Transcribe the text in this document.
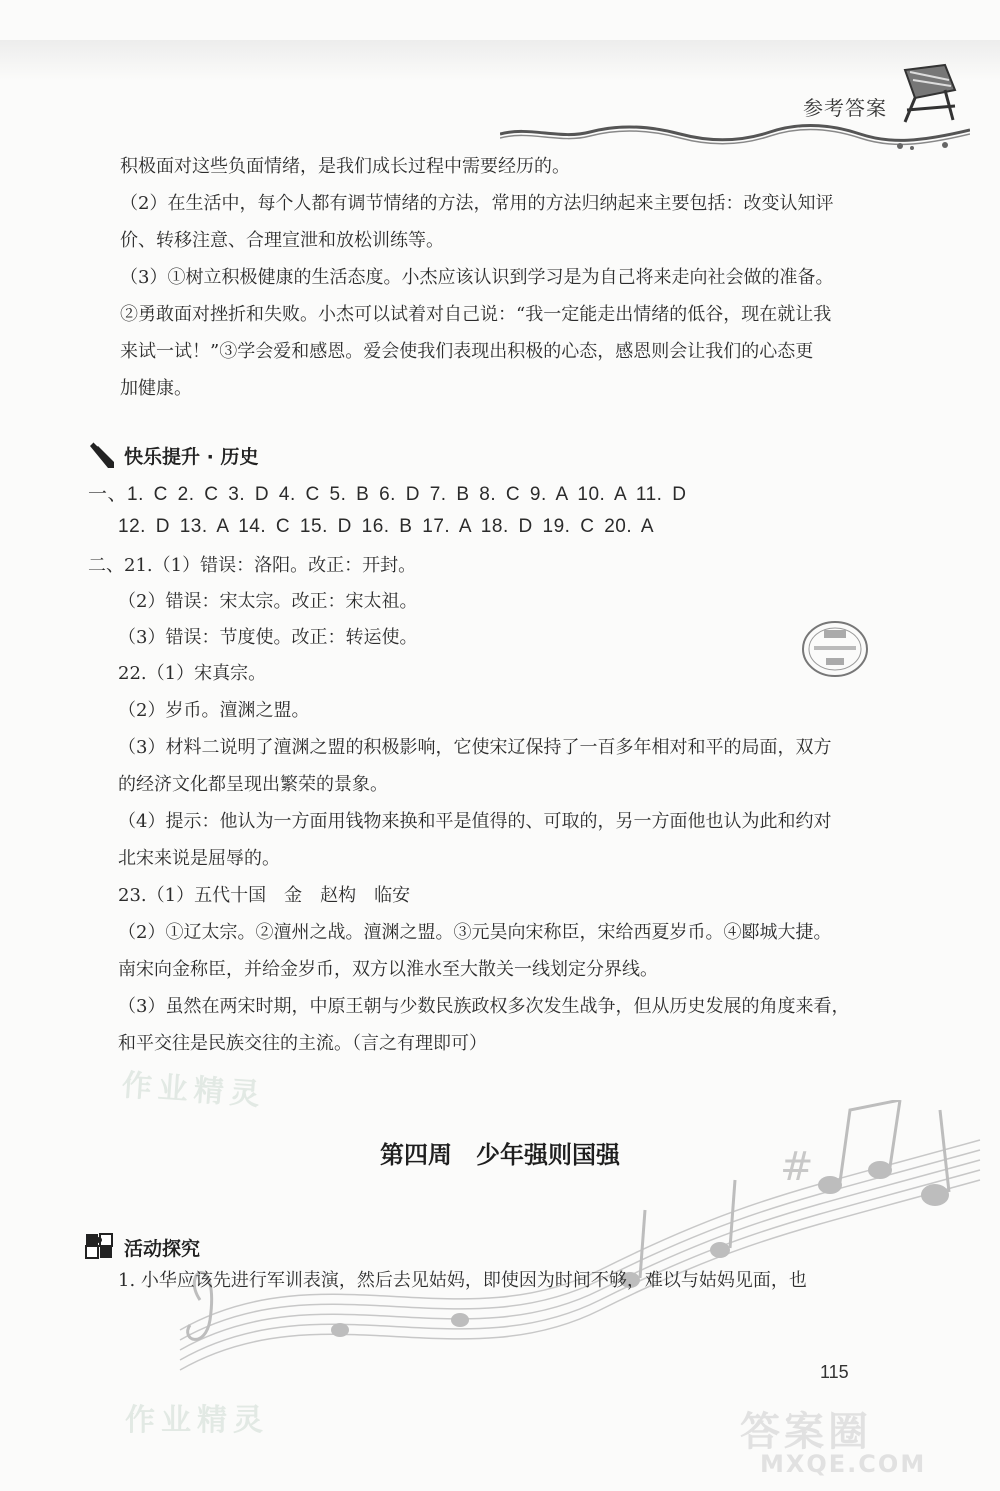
参考答案
积极面对这些负面情绪，是我们成长过程中需要经历的。
（2）在生活中，每个人都有调节情绪的方法，常用的方法归纳起来主要包括：改变认知评
价、转移注意、合理宣泄和放松训练等。
（3）①树立积极健康的生活态度。小杰应该认识到学习是为自己将来走向社会做的准备。
②勇敢面对挫折和失败。小杰可以试着对自己说：“我一定能走出情绪的低谷，现在就让我
来试一试！”③学会爱和感恩。爱会使我们表现出积极的心态，感恩则会让我们的心态更
加健康。
快乐提升 · 历史
一、1. C 2. C 3. D 4. C 5. B 6. D 7. B 8. C 9. A 10. A 11. D
12. D 13. A 14. C 15. D 16. B 17. A 18. D 19. C 20. A
二、21.（1）错误：洛阳。改正：开封。
（2）错误：宋太宗。改正：宋太祖。
（3）错误：节度使。改正：转运使。
22.（1）宋真宗。
（2）岁币。澶渊之盟。
（3）材料二说明了澶渊之盟的积极影响，它使宋辽保持了一百多年相对和平的局面，双方
的经济文化都呈现出繁荣的景象。
（4）提示：他认为一方面用钱物来换和平是值得的、可取的，另一方面他也认为此和约对
北宋来说是屈辱的。
23.（1）五代十国　金　赵构　临安
（2）①辽太宗。②澶州之战。澶渊之盟。③元昊向宋称臣，宋给西夏岁币。④郾城大捷。
南宋向金称臣，并给金岁币，双方以淮水至大散关一线划定分界线。
（3）虽然在两宋时期，中原王朝与少数民族政权多次发生战争，但从历史发展的角度来看，
和平交往是民族交往的主流。（言之有理即可）
作业精灵
#
第四周　少年强则国强
活动探究
1. 小华应该先进行军训表演，然后去见姑妈，即使因为时间不够，难以与姑妈见面，也
115
作业精灵	答案圈
MXQE.COM
